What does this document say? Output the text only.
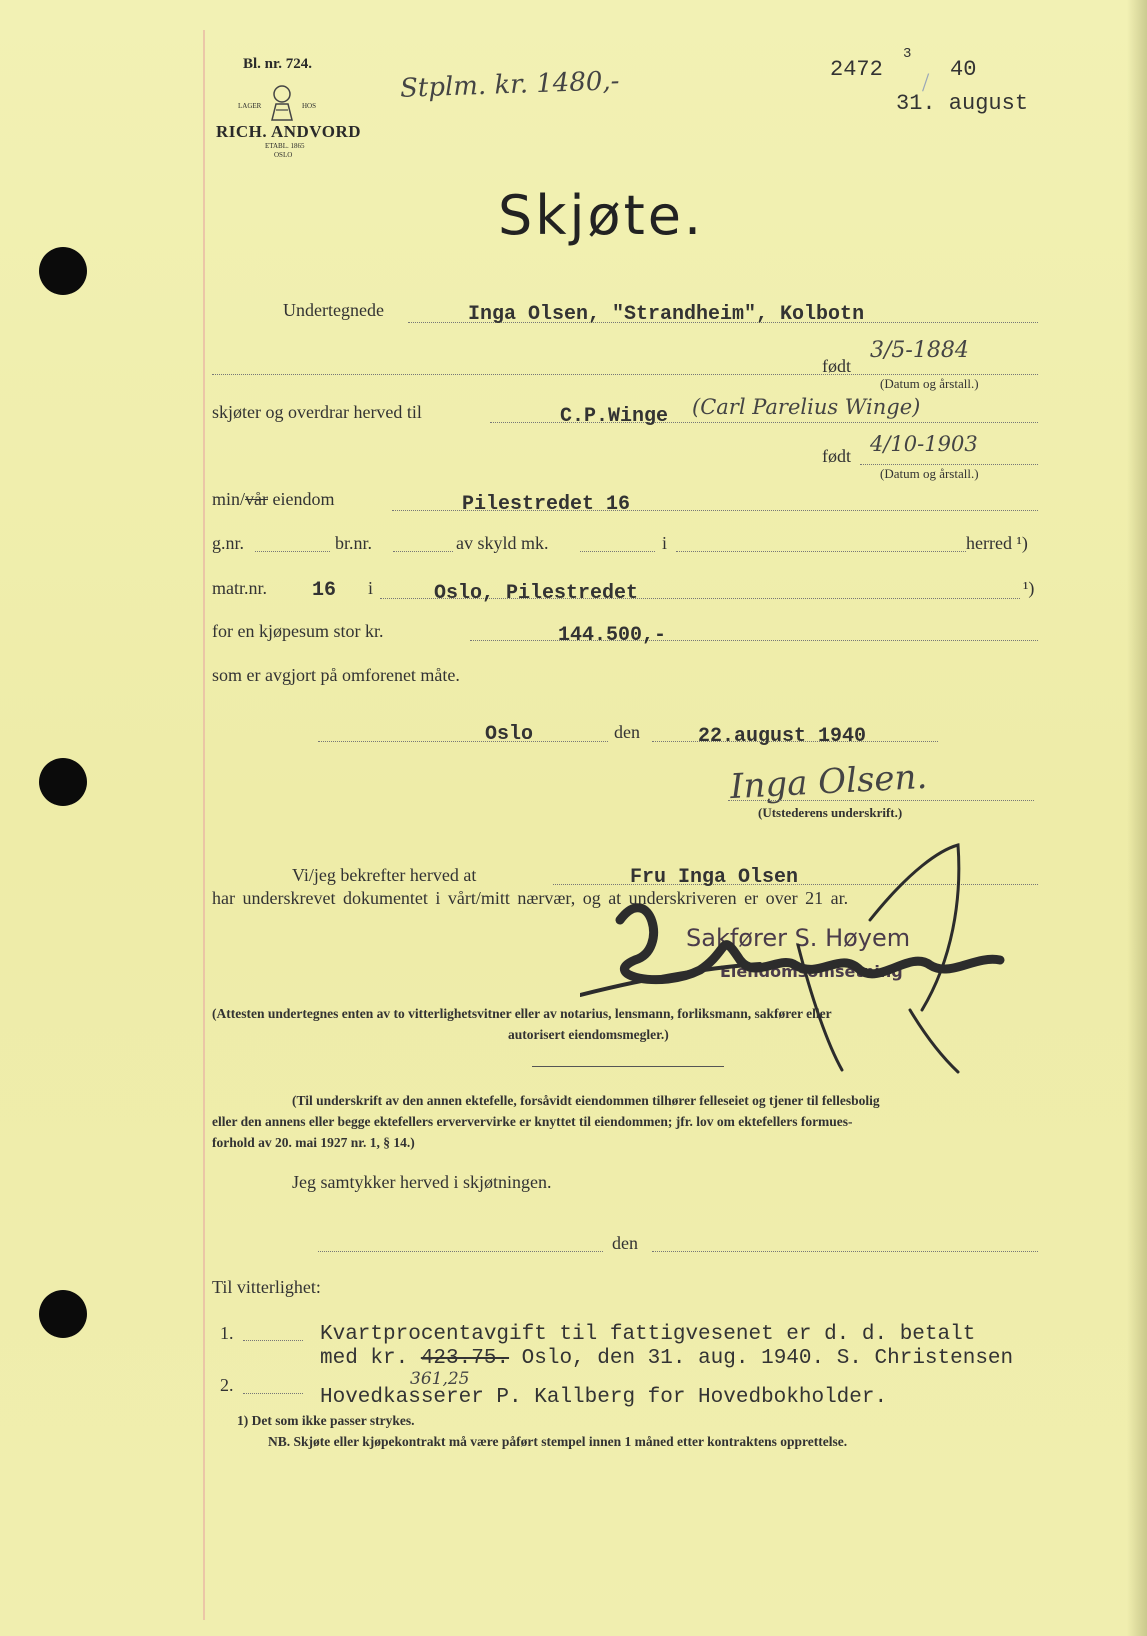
Bl. nr. 724.
LAGER	HOS
RICH. ANDVORD
ETABL. 1865
OSLO
Stplm. kr. 1480,-	2472
3
/ 40
31. august
Skjøte.
Undertegnede	Inga Olsen, "Strandheim", Kolbotn
født
3/5-1884
(Datum og årstall.)
skjøter og overdrar herved til	C.P.Winge (Carl Parelius Winge)
født 4/10-1903
(Datum og årstall.)
min/vår eiendom	Pilestredet 16
g.nr.	br.nr.	av skyld mk.	i	herred ¹)
matr.nr. 16 i	Oslo, Pilestredet	¹)
for en kjøpesum stor kr.	144.500,-
som er avgjort på omforenet måte.
Oslo	den	22.august 1940
Inga Olsen.
(Utstederens underskrift.)
Vi/jeg bekrefter herved at	Fru Inga Olsen
har underskrevet dokumentet i vårt/mitt nærvær, og at underskriveren er over 21 ar.
Sakfører S. Høyem
Eiendomsomsetning
(Attesten undertegnes enten av to vitterlighetsvitner eller av notarius, lensmann, forliksmann, sakfører eller
autorisert eiendomsmegler.)
(Til underskrift av den annen ektefelle, forsåvidt eiendommen tilhører felleseiet og tjener til fellesbolig
eller den annens eller begge ektefellers erververvirke er knyttet til eiendommen; jfr. lov om ektefellers formues-
forhold av 20. mai 1927 nr. 1, § 14.)
Jeg samtykker herved i skjøtningen.
den
Til vitterlighet:
1.
2.
Kvartprocentavgift til fattigvesenet er d. d. betalt
med kr. 423.75. Oslo, den 31. aug. 1940. S. Christensen
361,25
Hovedkasserer P. Kallberg for Hovedbokholder.
1) Det som ikke passer strykes.
NB. Skjøte eller kjøpekontrakt må være påført stempel innen 1 måned etter kontraktens opprettelse.
